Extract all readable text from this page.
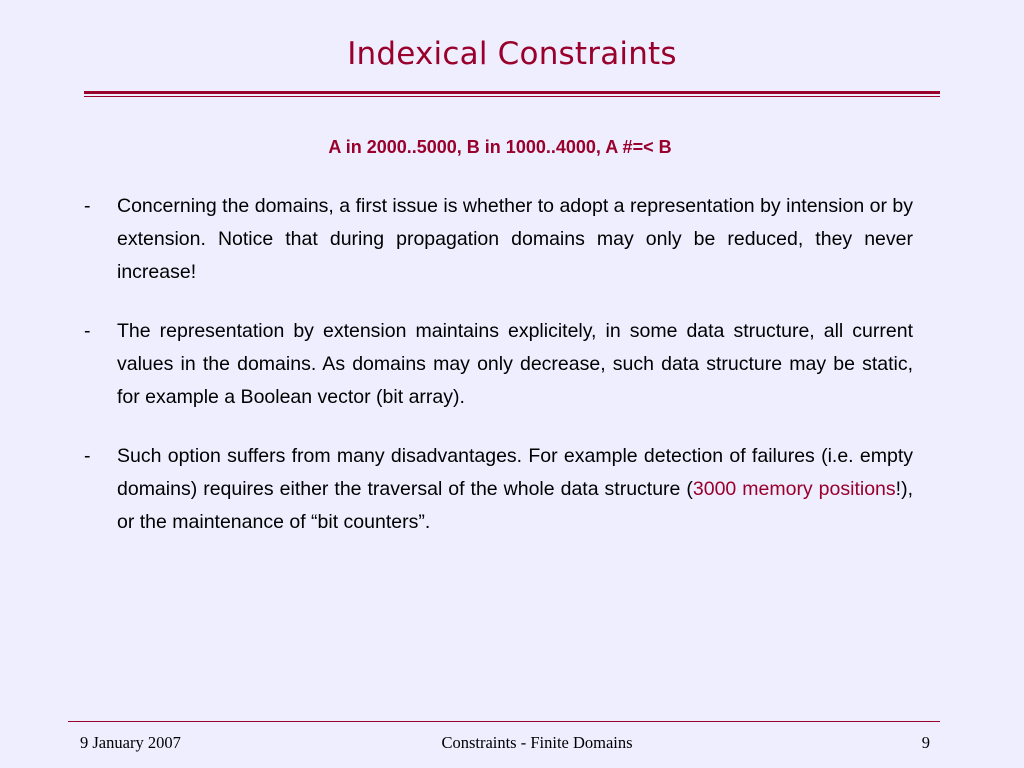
Indexical Constraints
A in 2000..5000, B in 1000..4000, A #=< B
- Concerning the domains, a first issue is whether to adopt a representation by intension or by extension. Notice that during propagation domains may only be reduced, they never increase!
- The representation by extension maintains explicitely, in some data structure, all current values in the domains. As domains may only decrease, such data structure may be static, for example a Boolean vector (bit array).
- Such option suffers from many disadvantages. For example detection of failures (i.e. empty domains) requires either the traversal of the whole data structure (3000 memory positions!), or the maintenance of “bit counters”.
9 January 2007	Constraints - Finite Domains	9
